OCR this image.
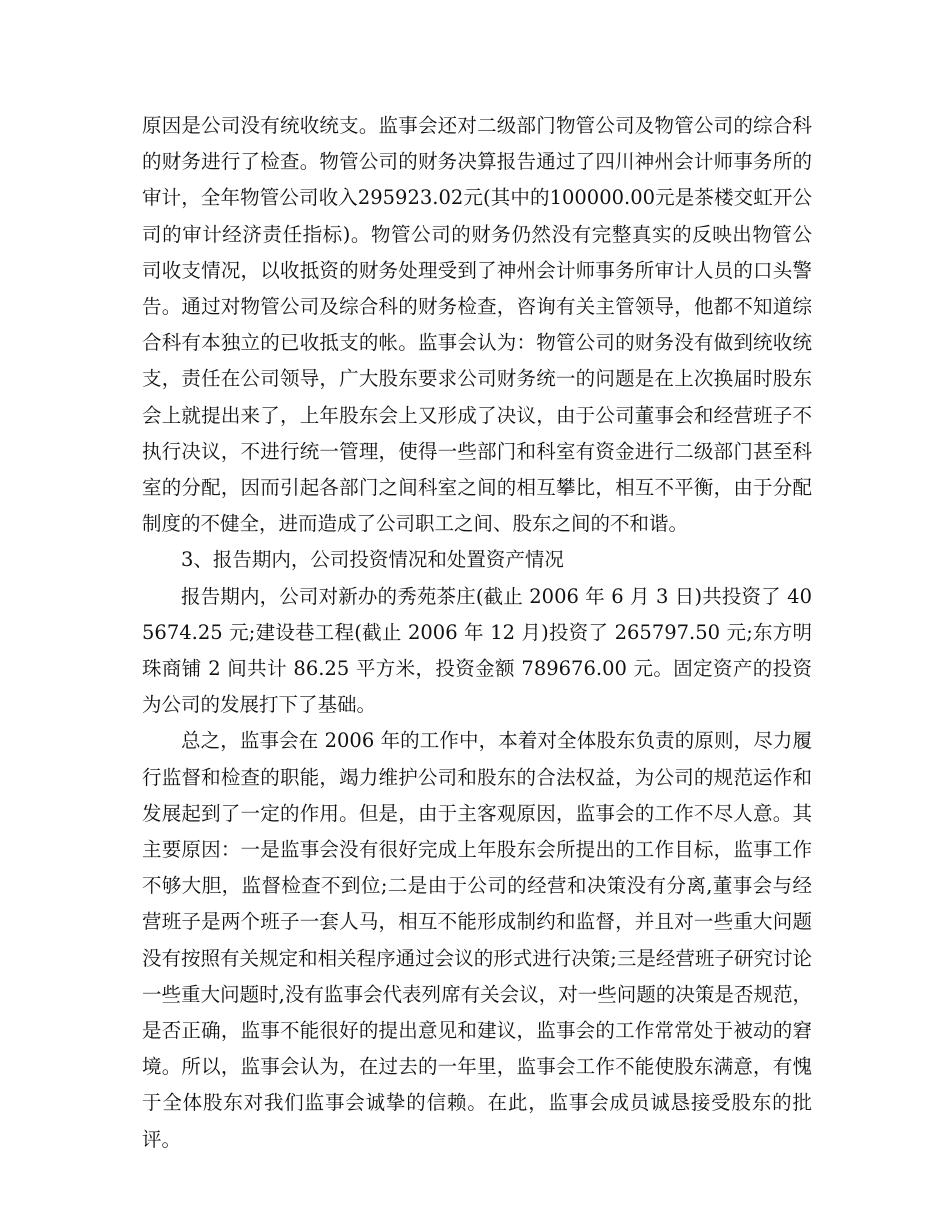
原因是公司没有统收统支。监事会还对二级部门物管公司及物管公司的综合科的财务进行了检查。物管公司的财务决算报告通过了四川神州会计师事务所的审计，全年物管公司收入295923.02元(其中的100000.00元是茶楼交虹开公司的审计经济责任指标)。物管公司的财务仍然没有完整真实的反映出物管公司收支情况，以收抵资的财务处理受到了神州会计师事务所审计人员的口头警告。通过对物管公司及综合科的财务检查，咨询有关主管领导，他都不知道综合科有本独立的已收抵支的帐。监事会认为：物管公司的财务没有做到统收统支，责任在公司领导，广大股东要求公司财务统一的问题是在上次换届时股东会上就提出来了，上年股东会上又形成了决议，由于公司董事会和经营班子不执行决议，不进行统一管理，使得一些部门和科室有资金进行二级部门甚至科室的分配，因而引起各部门之间科室之间的相互攀比，相互不平衡，由于分配制度的不健全，进而造成了公司职工之间、股东之间的不和谐。

3、报告期内，公司投资情况和处置资产情况

报告期内，公司对新办的秀苑茶庄(截止 2006 年 6 月 3 日)共投资了 405674.25 元;建设巷工程(截止 2006 年 12 月)投资了 265797.50 元;东方明珠商铺 2 间共计 86.25 平方米，投资金额 789676.00 元。固定资产的投资为公司的发展打下了基础。

总之，监事会在 2006 年的工作中，本着对全体股东负责的原则，尽力履行监督和检查的职能，竭力维护公司和股东的合法权益，为公司的规范运作和发展起到了一定的作用。但是，由于主客观原因，监事会的工作不尽人意。其主要原因：一是监事会没有很好完成上年股东会所提出的工作目标，监事工作不够大胆，监督检查不到位;二是由于公司的经营和决策没有分离,董事会与经营班子是两个班子一套人马，相互不能形成制约和监督，并且对一些重大问题没有按照有关规定和相关程序通过会议的形式进行决策;三是经营班子研究讨论一些重大问题时,没有监事会代表列席有关会议，对一些问题的决策是否规范，是否正确，监事不能很好的提出意见和建议，监事会的工作常常处于被动的窘境。所以，监事会认为，在过去的一年里，监事会工作不能使股东满意，有愧于全体股东对我们监事会诚挚的信赖。在此，监事会成员诚恳接受股东的批评。
